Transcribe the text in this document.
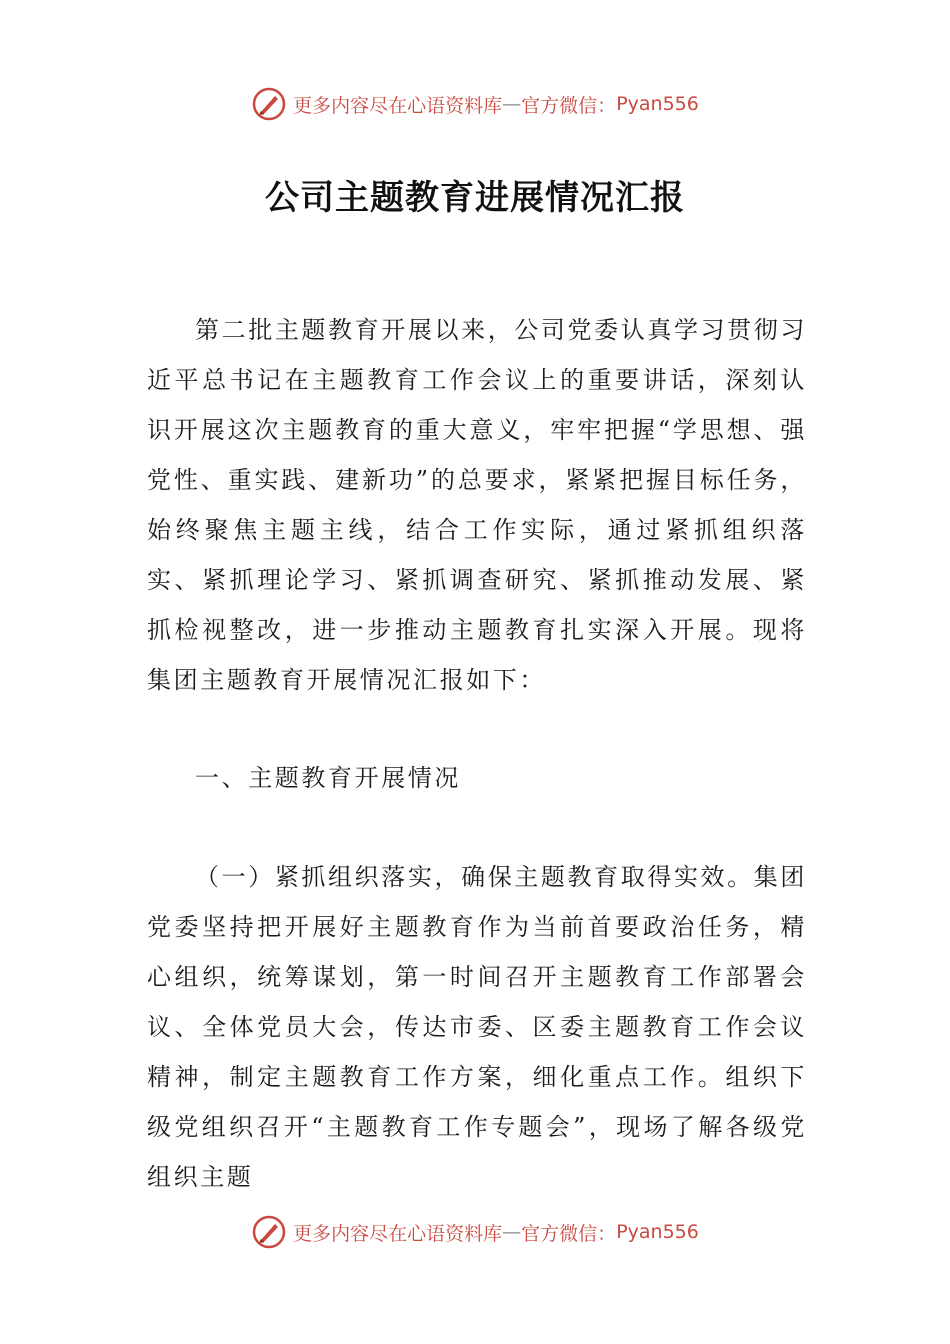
更多内容尽在心语资料库 — 官方微信： Pyan556
公司主题教育进展情况汇报

第二批主题教育开展以来，公司党委认真学习贯彻习近平总书记在主题教育工作会议上的重要讲话，深刻认识开展这次主题教育的重大意义，牢牢把握“学思想、强党性、重实践、建新功”的总要求，紧紧把握目标任务，始终聚焦主题主线，结合工作实际，通过紧抓组织落实、紧抓理论学习、紧抓调查研究、紧抓推动发展、紧抓检视整改，进一步推动主题教育扎实深入开展。现将集团主题教育开展情况汇报如下：

一、主题教育开展情况

（一）紧抓组织落实，确保主题教育取得实效。集团党委坚持把开展好主题教育作为当前首要政治任务，精心组织，统筹谋划，第一时间召开主题教育工作部署会议、全体党员大会，传达市委、区委主题教育工作会议精神，制定主题教育工作方案，细化重点工作。组织下级党组织召开“主题教育工作专题会”，现场了解各级党组织主题

更多内容尽在心语资料库 — 官方微信： Pyan556
